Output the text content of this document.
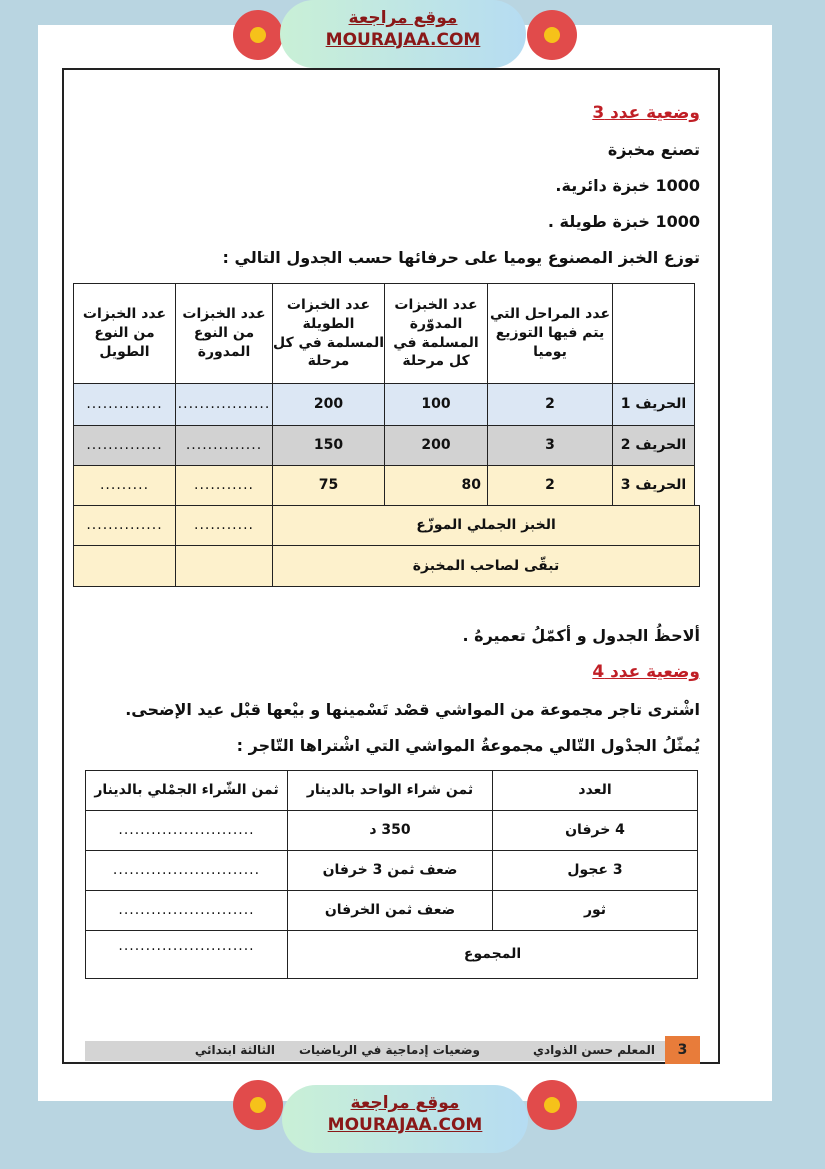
موقع مراجعة
MOURAJAA.COM
وضعية عدد 3
تصنع مخبزة
1000 خبزة دائرية.
1000 خبزة طويلة .
توزع الخبز المصنوع يوميا على حرفائها حسب الجدول التالي :
عدد المراحل التي يتم فيها التوزيع يوميا
عدد الخبزات المدوّرة المسلمة في كل مرحلة
عدد الخبزات الطويلة المسلمة في كل مرحلة
عدد الخبزات من النوع المدورة
عدد الخبزات من النوع الطويل
الحريف 1
2
100
200
.................
..............
الحريف 2
3
200
150
..............
..............
الحريف 3
2
80
75
...........
.........
الخبز الجملي الموزّع
...........
..............
تبقّى لصاحب المخبزة
ألاحظُ الجدول و أكمّلُ تعميرهُ .
وضعية عدد 4
اشْترى تاجر مجموعة من المواشي قصْد تَسْمينها و بيْعها قبْل عيد الإضحى.
يُمثّلُ الجدْول التّالي مجموعةُ المواشي التي اشْتراها التّاجر :
العدد
ثمن شراء الواحد بالدينار
ثمن الشّراء الجمْلي بالدينار
4 خرفان
350 د
.........................
3 عجول
ضعف ثمن 3 خرفان
...........................
ثور
ضعف ثمن الخرفان
.........................
المجموع
.........................
المعلم حسن الذوادي
وضعيات إدماجية في الرياضيات
الثالثة ابتدائي	3
موقع مراجعة
MOURAJAA.COM
